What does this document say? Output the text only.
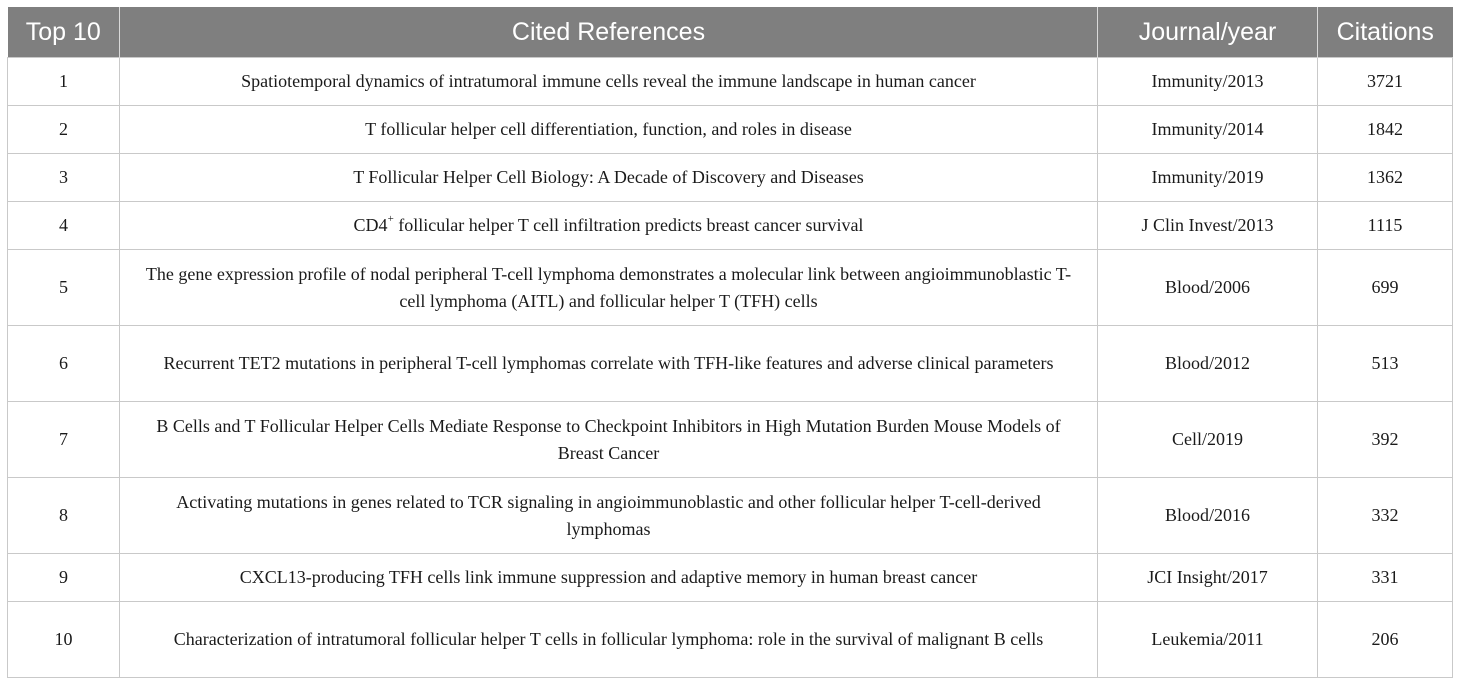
Top 10	Cited References	Journal/year	Citations
1	Spatiotemporal dynamics of intratumoral immune cells reveal the immune landscape in human cancer	Immunity/2013	3721
2	T follicular helper cell differentiation, function, and roles in disease	Immunity/2014	1842
3	T Follicular Helper Cell Biology: A Decade of Discovery and Diseases	Immunity/2019	1362
4	CD4+ follicular helper T cell infiltration predicts breast cancer survival	J Clin Invest/2013	1115
5	The gene expression profile of nodal peripheral T-cell lymphoma demonstrates a molecular link between angioimmunoblastic T-cell lymphoma (AITL) and follicular helper T (TFH) cells	Blood/2006	699
6	Recurrent TET2 mutations in peripheral T-cell lymphomas correlate with TFH-like features and adverse clinical parameters	Blood/2012	513
7	B Cells and T Follicular Helper Cells Mediate Response to Checkpoint Inhibitors in High Mutation Burden Mouse Models of Breast Cancer	Cell/2019	392
8	Activating mutations in genes related to TCR signaling in angioimmunoblastic and other follicular helper T-cell-derived lymphomas	Blood/2016	332
9	CXCL13-producing TFH cells link immune suppression and adaptive memory in human breast cancer	JCI Insight/2017	331
10	Characterization of intratumoral follicular helper T cells in follicular lymphoma: role in the survival of malignant B cells	Leukemia/2011	206
